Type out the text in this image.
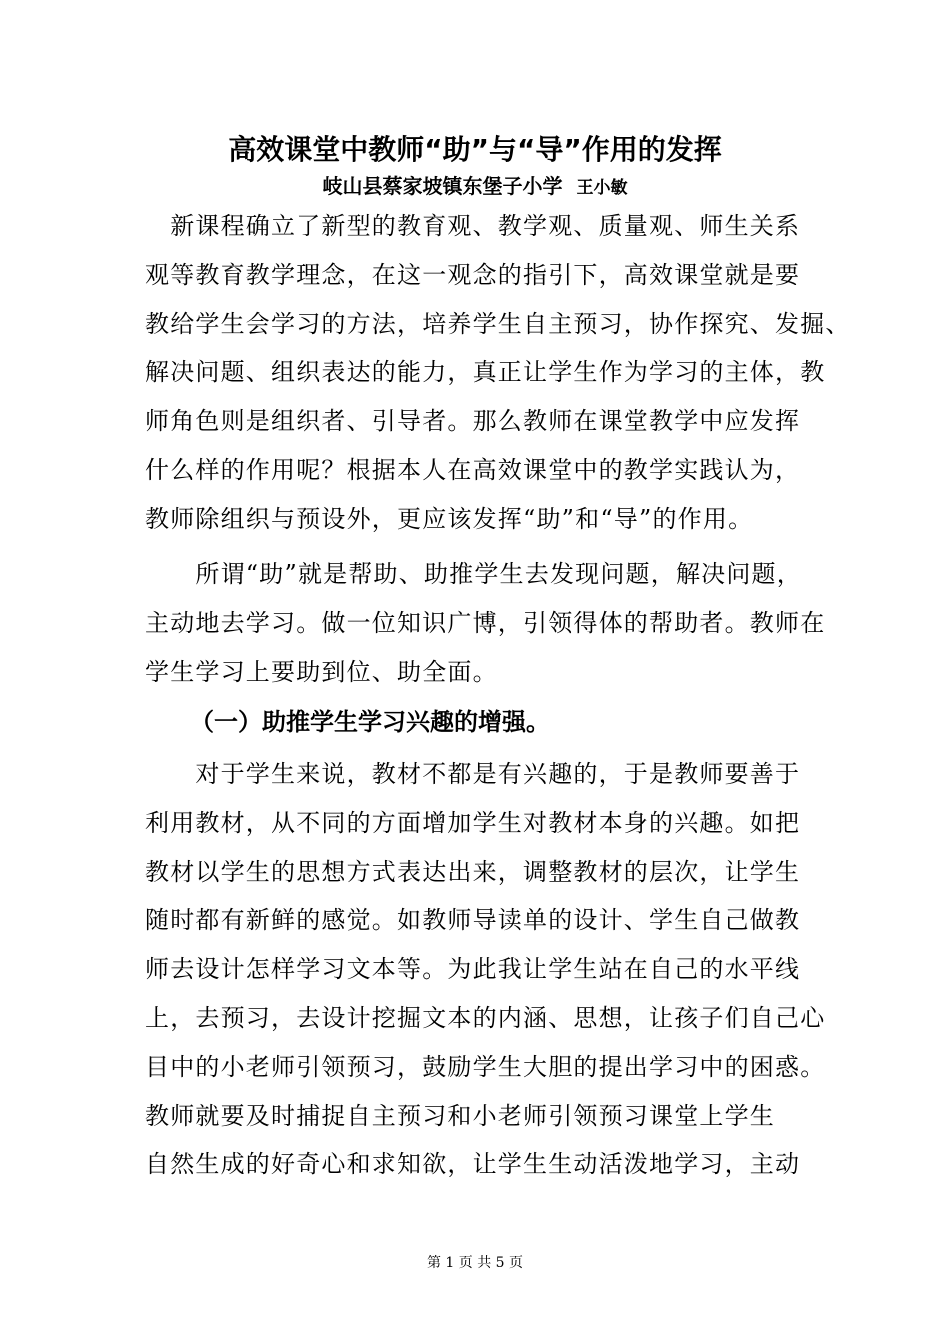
高效课堂中教师“助”与“导”作用的发挥
岐山县蔡家坡镇东堡子小学 王小敏
　新课程确立了新型的教育观、教学观、质量观、师生关系
观等教育教学理念，在这一观念的指引下，高效课堂就是要
教给学生会学习的方法，培养学生自主预习，协作探究、发掘、
解决问题、组织表达的能力，真正让学生作为学习的主体，教
师角色则是组织者、引导者。那么教师在课堂教学中应发挥
什么样的作用呢？根据本人在高效课堂中的教学实践认为，
教师除组织与预设外，更应该发挥“助”和“导”的作用。
　　所谓“助”就是帮助、助推学生去发现问题，解决问题，
主动地去学习。做一位知识广博，引领得体的帮助者。教师在
学生学习上要助到位、助全面。
（一）助推学生学习兴趣的增强。
　　对于学生来说，教材不都是有兴趣的，于是教师要善于
利用教材，从不同的方面增加学生对教材本身的兴趣。如把
教材以学生的思想方式表达出来，调整教材的层次，让学生
随时都有新鲜的感觉。如教师导读单的设计、学生自己做教
师去设计怎样学习文本等。为此我让学生站在自己的水平线
上，去预习，去设计挖掘文本的内涵、思想，让孩子们自己心
目中的小老师引领预习，鼓励学生大胆的提出学习中的困惑。
教师就要及时捕捉自主预习和小老师引领预习课堂上学生
自然生成的好奇心和求知欲，让学生生动活泼地学习，主动
第 1 页 共 5 页
